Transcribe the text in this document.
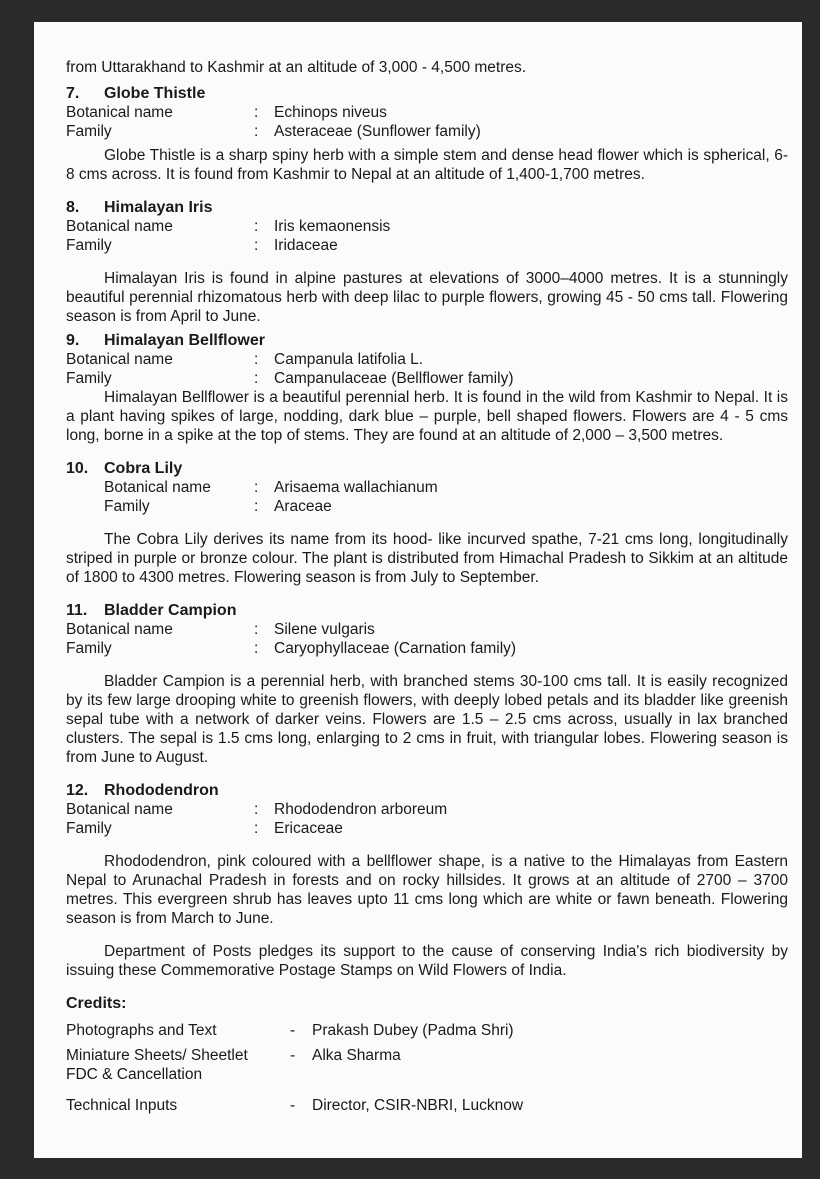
from Uttarakhand to Kashmir at an altitude of 3,000 - 4,500 metres.

7. Globe Thistle

Botanical name	:	Echinops niveus
Family	:	Asteraceae (Sunflower family)

Globe Thistle is a sharp spiny herb with a simple stem and dense head flower which is spherical, 6-8 cms across. It is found from Kashmir to Nepal at an altitude of 1,400-1,700 metres.

8. Himalayan Iris

Botanical name	:	Iris kemaonensis
Family	:	Iridaceae

Himalayan Iris is found in alpine pastures at elevations of 3000–4000 metres. It is a stunningly beautiful perennial rhizomatous herb with deep lilac to purple flowers, growing 45 - 50 cms tall. Flowering season is from April to June.

9. Himalayan Bellflower

Botanical name	:	Campanula latifolia L.
Family	:	Campanulaceae (Bellflower family)

Himalayan Bellflower is a beautiful perennial herb. It is found in the wild from Kashmir to Nepal. It is a plant having spikes of large, nodding, dark blue – purple, bell shaped flowers. Flowers are 4 - 5 cms long, borne in a spike at the top of stems. They are found at an altitude of 2,000 – 3,500 metres.

10. Cobra Lily

Botanical name	:	Arisaema wallachianum
Family	:	Araceae

The Cobra Lily derives its name from its hood- like incurved spathe, 7-21 cms long, longitudinally striped in purple or bronze colour. The plant is distributed from Himachal Pradesh to Sikkim at an altitude of 1800 to 4300 metres. Flowering season is from July to September.

11. Bladder Campion

Botanical name	:	Silene vulgaris
Family	:	Caryophyllaceae (Carnation family)

Bladder Campion is a perennial herb, with branched stems 30-100 cms tall. It is easily recognized by its few large drooping white to greenish flowers, with deeply lobed petals and its bladder like greenish sepal tube with a network of darker veins. Flowers are 1.5 – 2.5 cms across, usually in lax branched clusters. The sepal is 1.5 cms long, enlarging to 2 cms in fruit, with triangular lobes. Flowering season is from June to August.

12. Rhododendron

Botanical name	:	Rhododendron arboreum
Family	:	Ericaceae

Rhododendron, pink coloured with a bellflower shape, is a native to the Himalayas from Eastern Nepal to Arunachal Pradesh in forests and on rocky hillsides. It grows at an altitude of 2700 – 3700 metres. This evergreen shrub has leaves upto 11 cms long which are white or fawn beneath. Flowering season is from March to June.

Department of Posts pledges its support to the cause of conserving India's rich biodiversity by issuing these Commemorative Postage Stamps on Wild Flowers of India.

Credits:

Photographs and Text	-	Prakash Dubey (Padma Shri)
Miniature Sheets/ Sheetlet
FDC & Cancellation
-	Alka Sharma
Technical Inputs	-	Director, CSIR-NBRI, Lucknow
